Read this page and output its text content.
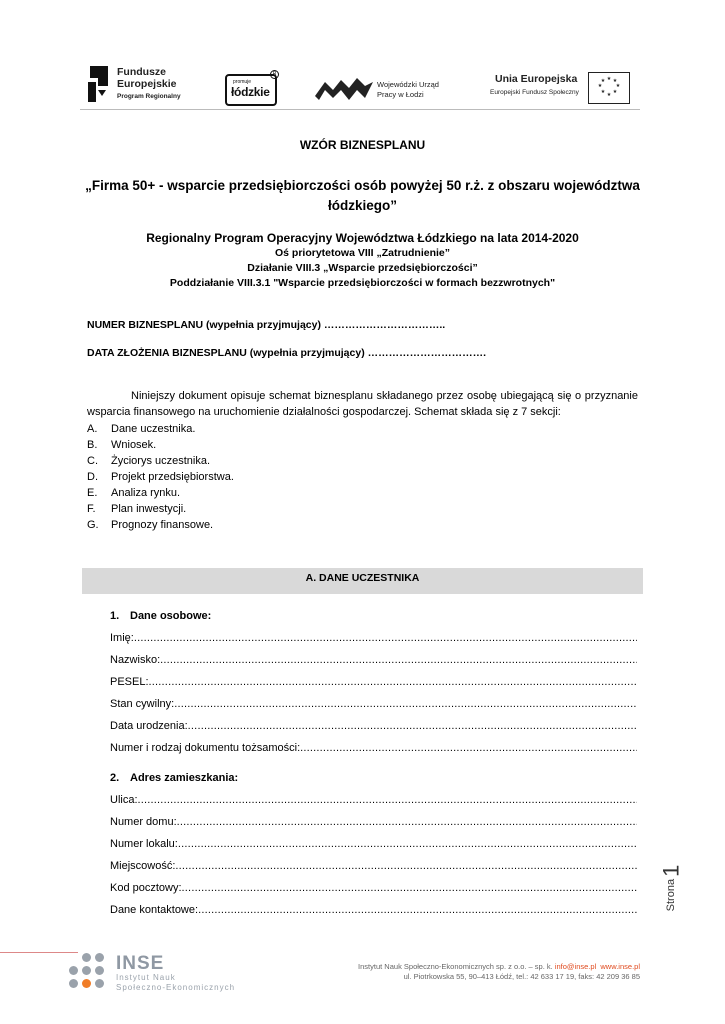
Fundusze
Europejskie
Program Regionalny
promuje
łódzkie
R
Wojewódzki Urząd
Pracy w Łodzi
Unia Europejska
Europejski Fundusz Społeczny
★ ★
★
★
★
★
★
★
WZÓR BIZNESPLANU
„Firma 50+ - wsparcie przedsiębiorczości osób powyżej 50 r.ż. z obszaru województwa łódzkiego”
Regionalny Program Operacyjny Województwa Łódzkiego na lata 2014-2020
Oś priorytetowa VIII „Zatrudnienie”
Działanie VIII.3 „Wsparcie przedsiębiorczości”
Poddziałanie VIII.3.1 "Wsparcie przedsiębiorczości w formach bezzwrotnych"
NUMER BIZNESPLANU (wypełnia przyjmujący) ……………………………..
DATA ZŁOŻENIA BIZNESPLANU (wypełnia przyjmujący) …………………………….
Niniejszy dokument opisuje schemat biznesplanu składanego przez osobę ubiegającą się o przyznanie wsparcia finansowego na uruchomienie działalności gospodarczej. Schemat składa się z 7 sekcji:
A.	Dane uczestnika.
B.	Wniosek.
C.	Życiorys uczestnika.
D.	Projekt przedsiębiorstwa.
E.	Analiza rynku.
F.	Plan inwestycji.
G.	Prognozy finansowe.
A. DANE UCZESTNIKA
1. Dane osobowe:
Imię:
.....
Nazwisko:
.....
PESEL:
.....
Stan cywilny:
.....
Data urodzenia:
.....
Numer i rodzaj dokumentu tożsamości:
.....
2. Adres zamieszkania:
Ulica:
.....
Numer domu:
.....
Numer lokalu:
.....
Miejscowość:
.....
Kod pocztowy:
.....
Dane kontaktowe: .....	Strona1
INSE
Instytut Nauk
Społeczno-Ekonomicznych
Instytut Nauk Społeczno-Ekonomicznych sp. z o.o. – sp. k. info@inse.pl www.inse.pl
ul. Piotrkowska 55, 90–413 Łódź, tel.: 42 633 17 19, faks: 42 209 36 85
